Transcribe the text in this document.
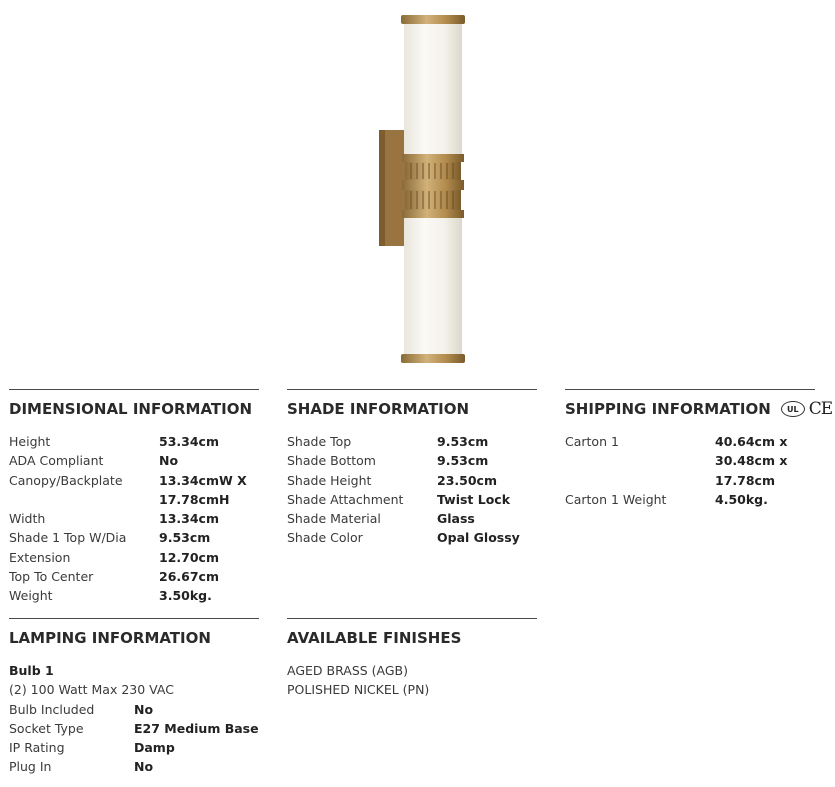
DIMENSIONAL INFORMATION
Height	53.34cm
ADA Compliant	No
Canopy/Backplate	13.34cmW X 17.78cmH
Width	13.34cm
Shade 1 Top W/Dia	9.53cm
Extension	12.70cm
Top To Center	26.67cm
Weight	3.50kg.
SHADE INFORMATION
Shade Top	9.53cm
Shade Bottom	9.53cm
Shade Height	23.50cm
Shade Attachment	Twist Lock
Shade Material	Glass
Shade Color	Opal Glossy
SHIPPING INFORMATION	UL CE
Carton 1	40.64cm x 30.48cm x 17.78cm
Carton 1 Weight	4.50kg.
LAMPING INFORMATION
Bulb 1
(2) 100 Watt Max 230 VAC
Bulb Included	No
Socket Type	E27 Medium Base
IP Rating	Damp
Plug In	No
AVAILABLE FINISHES
AGED BRASS (AGB)
POLISHED NICKEL (PN)
